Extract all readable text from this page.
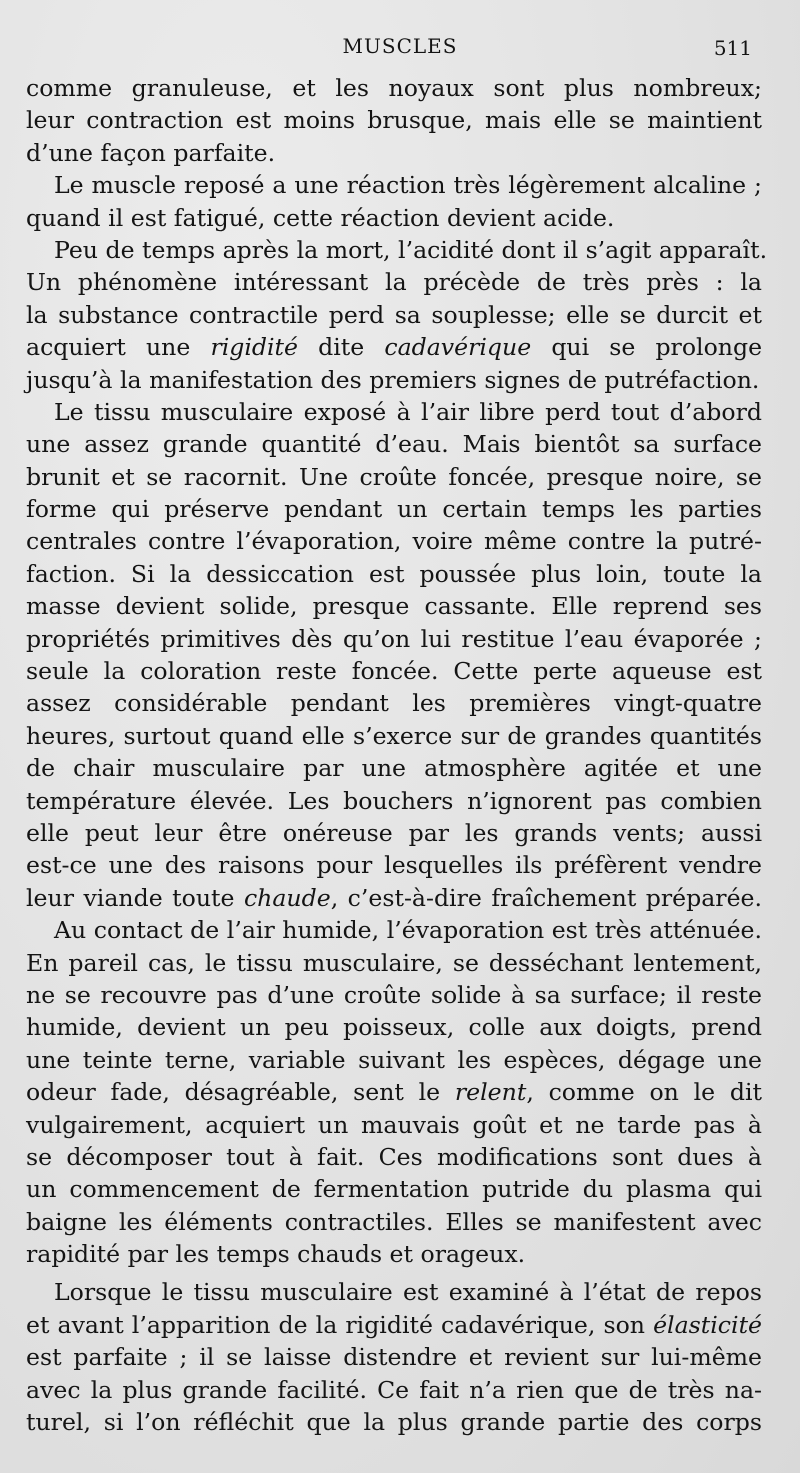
MUSCLES	511
comme granuleuse, et les noyaux sont plus nombreux;
leur contraction est moins brusque, mais elle se maintient
d’une façon parfaite.
Le muscle reposé a une réaction très légèrement alcaline ;
quand il est fatigué, cette réaction devient acide.
Peu de temps après la mort, l’acidité dont il s’agit apparaît.
Un phénomène intéressant la précède de très près : la
la substance contractile perd sa souplesse; elle se durcit et
acquiert une rigidité dite cadavérique qui se prolonge
jusqu’à la manifestation des premiers signes de putréfaction.
Le tissu musculaire exposé à l’air libre perd tout d’abord
une assez grande quantité d’eau. Mais bientôt sa surface
brunit et se racornit. Une croûte foncée, presque noire, se
forme qui préserve pendant un certain temps les parties
centrales contre l’évaporation, voire même contre la putré-
faction. Si la dessiccation est poussée plus loin, toute la
masse devient solide, presque cassante. Elle reprend ses
propriétés primitives dès qu’on lui restitue l’eau évaporée ;
seule la coloration reste foncée. Cette perte aqueuse est
assez considérable pendant les premières vingt-quatre
heures, surtout quand elle s’exerce sur de grandes quantités
de chair musculaire par une atmosphère agitée et une
température élevée. Les bouchers n’ignorent pas combien
elle peut leur être onéreuse par les grands vents; aussi
est-ce une des raisons pour lesquelles ils préfèrent vendre
leur viande toute chaude, c’est-à-dire fraîchement préparée.
Au contact de l’air humide, l’évaporation est très atténuée.
En pareil cas, le tissu musculaire, se desséchant lentement,
ne se recouvre pas d’une croûte solide à sa surface; il reste
humide, devient un peu poisseux, colle aux doigts, prend
une teinte terne, variable suivant les espèces, dégage une
odeur fade, désagréable, sent le relent, comme on le dit
vulgairement, acquiert un mauvais goût et ne tarde pas à
se décomposer tout à fait. Ces modifications sont dues à
un commencement de fermentation putride du plasma qui
baigne les éléments contractiles. Elles se manifestent avec
rapidité par les temps chauds et orageux.
Lorsque le tissu musculaire est examiné à l’état de repos
et avant l’apparition de la rigidité cadavérique, son élasticité
est parfaite ; il se laisse distendre et revient sur lui-même
avec la plus grande facilité. Ce fait n’a rien que de très na-
turel, si l’on réfléchit que la plus grande partie des corps
